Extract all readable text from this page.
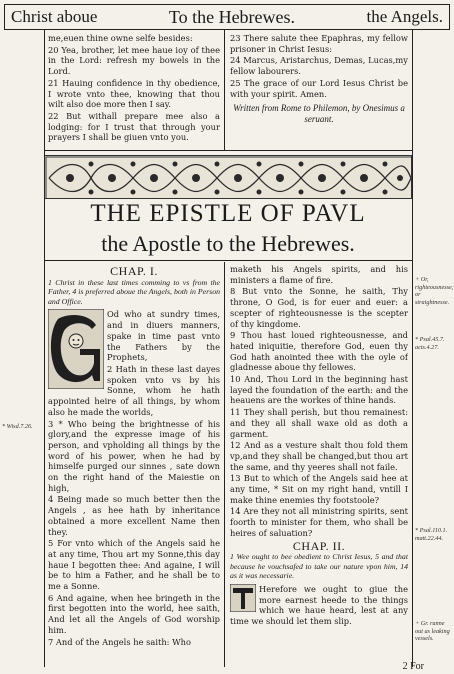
Christ aboue	To the Hebrewes.	the Angels.

me,euen thine owne selfe besides:

20 Yea, brother, let mee haue ioy of thee in the Lord: refresh my bowels in the Lord.

21 Hauing confidence in thy obedience, I wrote vnto thee, knowing that thou wilt also doe more then I say.

22 But withall prepare mee also a lodging: for I trust that through your prayers I shall be giuen vnto you.

23 There salute thee Epaphras, my fellow prisoner in Christ Iesus:

24 Marcus, Aristarchus, Demas, Lucas,my fellow labourers.

25 The grace of our Lord Iesus Christ be with your spirit. Amen.

Written from Rome to Philemon, by Onesimus a seruant.

THE EPISTLE OF PAVL
the Apostle to the Hebrewes.
CHAP. I.

1 Christ in these last times comming to vs from the Father, 4 is preferred aboue the Angels, both in Person and Office.

Od who at sundry times, and in diuers manners, spake in time past vnto the Fathers by the Prophets,

2 Hath in these last dayes spoken vnto vs by his Sonne, whom he hath appointed heire of all things, by whom also he made the worlds,

3 * Who being the brightnesse of his glory,and the expresse image of his person, and vpholding all things by the word of his power, when he had by himselfe purged our sinnes , sate down on the right hand of the Maiestie on high,

4 Being made so much better then the Angels , as hee hath by inheritance obtained a more excellent Name then they.

5 For vnto which of the Angels said he at any time, Thou art my Sonne,this day haue I begotten thee: And againe, I will be to him a Father, and he shall be to me a Sonne.

6 And againe, when hee bringeth in the first begotten into the world, hee saith, And let all the Angels of God worship him.

7 And of the Angels he saith: Who

maketh his Angels spirits, and his ministers a flame of fire.

8 But vnto the Sonne, he saith, Thy throne, O God, is for euer and euer: a scepter of righteousnesse is the scepter of thy kingdome.

9 Thou hast loued righteousnesse, and hated iniquitie, therefore God, euen thy God hath anointed thee with the oyle of gladnesse aboue thy fellowes.

10 And, Thou Lord in the beginning hast layed the foundation of the earth: and the heauens are the workes of thine hands.

11 They shall perish, but thou remainest: and they all shall waxe old as doth a garment.

12 And as a vesture shalt thou fold them vp,and they shall be changed,but thou art the same, and thy yeeres shall not faile.

13 But to which of the Angels said hee at any time, * Sit on my right hand, vntill I make thine enemies thy footstoole?

14 Are they not all ministring spirits, sent foorth to minister for them, who shall be heires of saluation?

CHAP. II.

1 Wee ought to bee obedient to Christ Iesus, 5 and that because he vouchsafed to take our nature vpon him, 14 as it was necessarie.

Herefore we ought to giue the more earnest heede to the things which we haue heard, lest at any time we should let them slip.

* Wisd.7.26.
+ Or, righteousnesse, or straightnesse.
* Psal.45.7. acts.4.27.
* Psal.110.1. matt.22.44.
+ Gr. runne out as leaking vessels.
2 For
